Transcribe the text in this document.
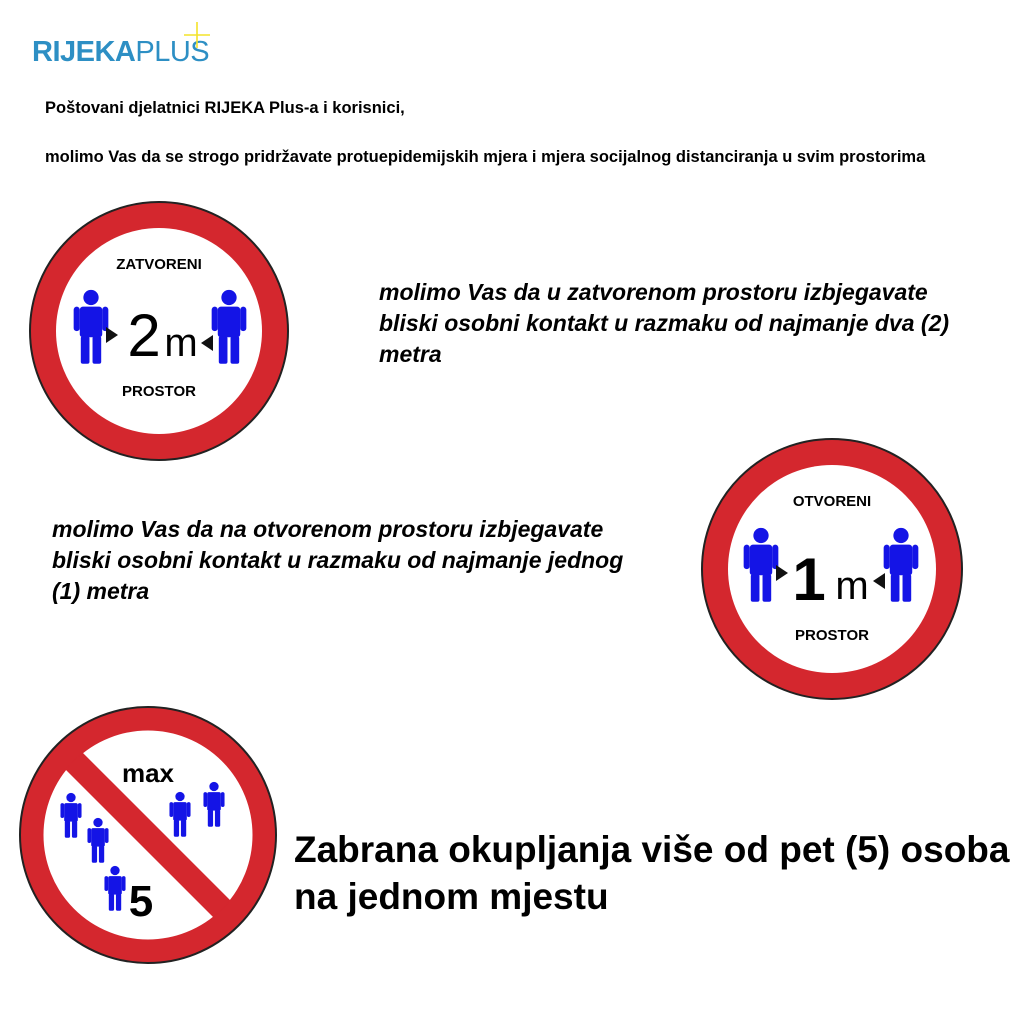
RIJEKAPLUS
Poštovani djelatnici RIJEKA Plus-a i korisnici,
molimo Vas da se strogo pridržavate protuepidemijskih mjera i mjera socijalnog distanciranja u svim prostorima
ZATVORENI
2 m
PROSTOR
molimo Vas da u zatvorenom prostoru izbjegavate
bliski osobni kontakt u razmaku od najmanje dva (2)
metra
molimo Vas da na otvorenom prostoru izbjegavate
bliski osobni kontakt u razmaku od najmanje jednog
(1) metra
OTVORENI
1 m
PROSTOR
max
5
Zabrana okupljanja više od pet (5) osoba
na jednom mjestu
